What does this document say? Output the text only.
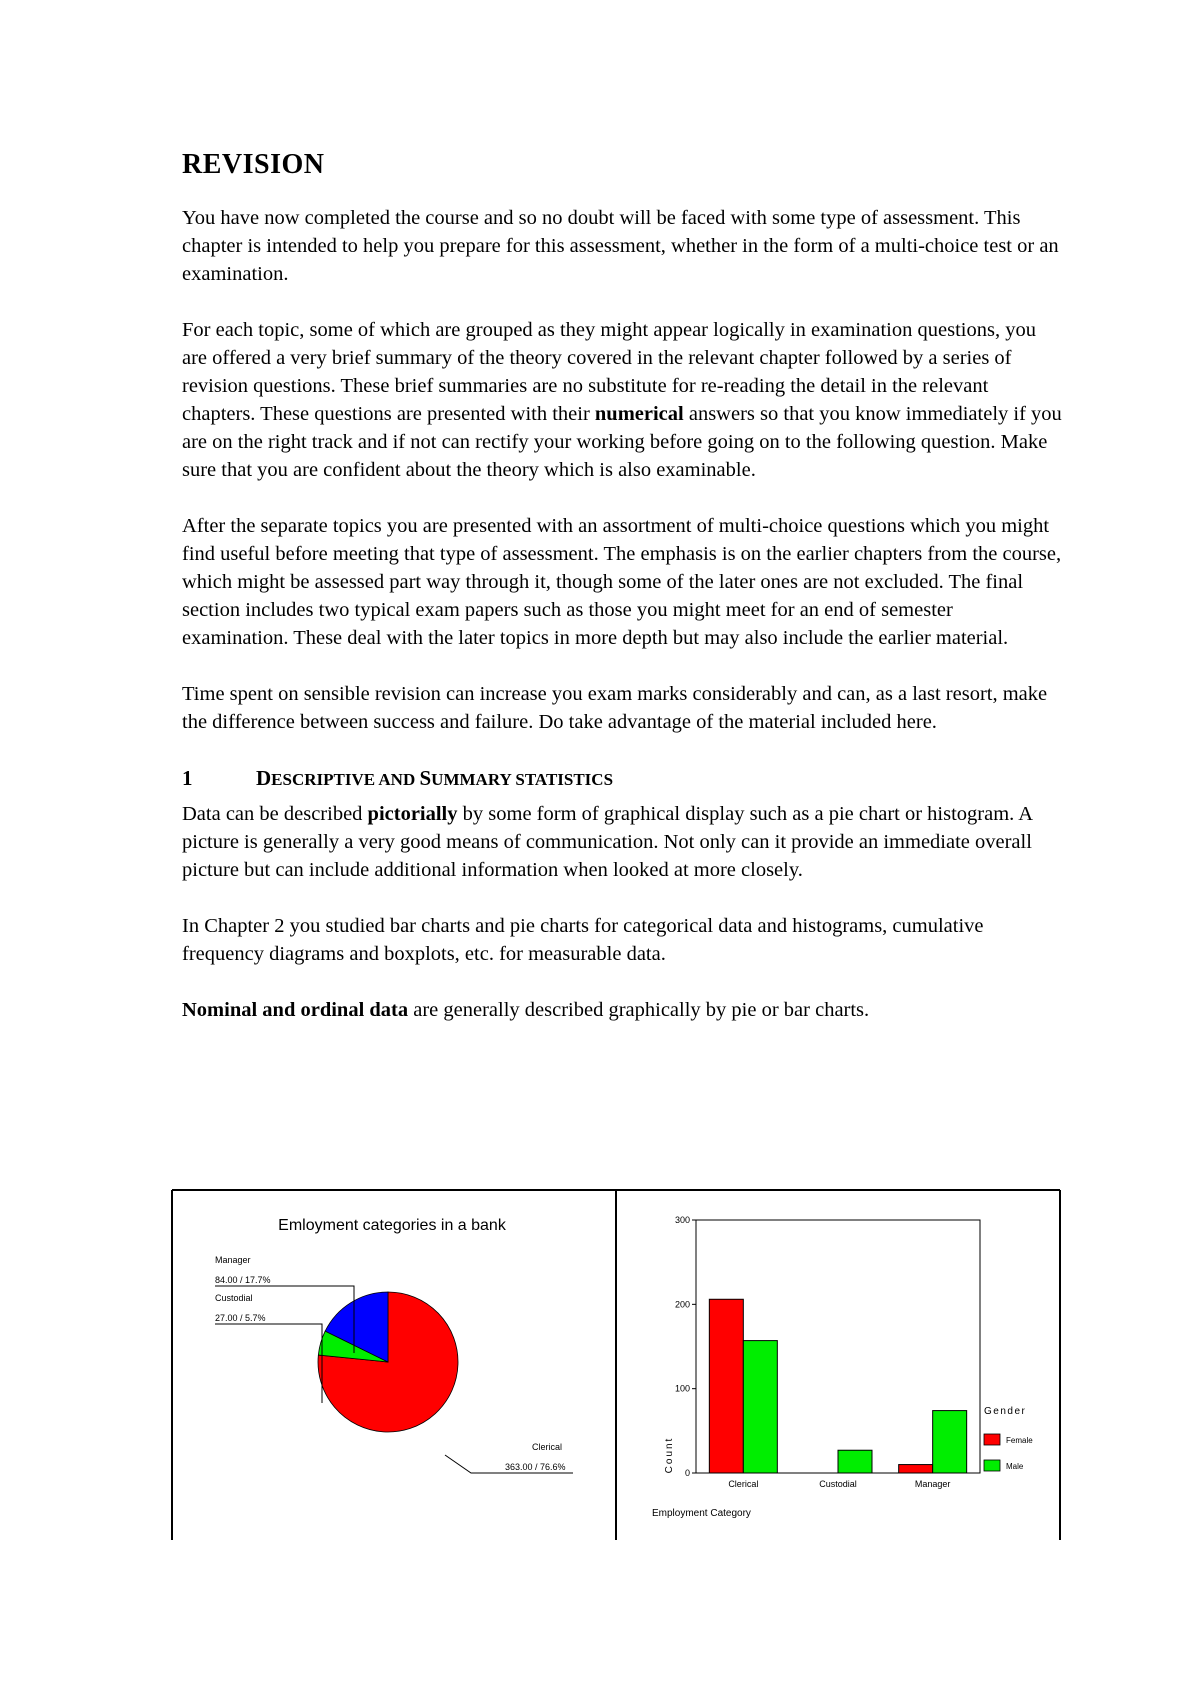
REVISION

You have now completed the course and so no doubt will be faced with some type of assessment. This chapter is intended to help you prepare for this assessment, whether in the form of a multi-choice test or an examination.

For each topic, some of which are grouped as they might appear logically in examination questions, you are offered a very brief summary of the theory covered in the relevant chapter followed by a series of revision questions. These brief summaries are no substitute for re-reading the detail in the relevant chapters. These questions are presented with their numerical answers so that you know immediately if you are on the right track and if not can rectify your working before going on to the following question. Make sure that you are confident about the theory which is also examinable.

After the separate topics you are presented with an assortment of multi-choice questions which you might find useful before meeting that type of assessment. The emphasis is on the earlier chapters from the course, which might be assessed part way through it, though some of the later ones are not excluded. The final section includes two typical exam papers such as those you might meet for an end of semester examination. These deal with the later topics in more depth but may also include the earlier material.

Time spent on sensible revision can increase you exam marks considerably and can, as a last resort, make the difference between success and failure. Do take advantage of the material included here.

1	DESCRIPTIVE AND SUMMARY STATISTICS

Data can be described pictorially by some form of graphical display such as a pie chart or histogram. A picture is generally a very good means of communication. Not only can it provide an immediate overall picture but can include additional information when looked at more closely.

In Chapter 2 you studied bar charts and pie charts for categorical data and histograms, cumulative frequency diagrams and boxplots, etc. for measurable data.

Nominal and ordinal data are generally described graphically by pie or bar charts.

Emloyment categories in a bank
Manager
84.00 / 17.7%
Custodial
27.00 / 5.7%
Clerical
363.00 / 76.6%
0
100
200
300
Count
Clerical	Custodial	Manager
Employment Category
Gender
Female
Male
